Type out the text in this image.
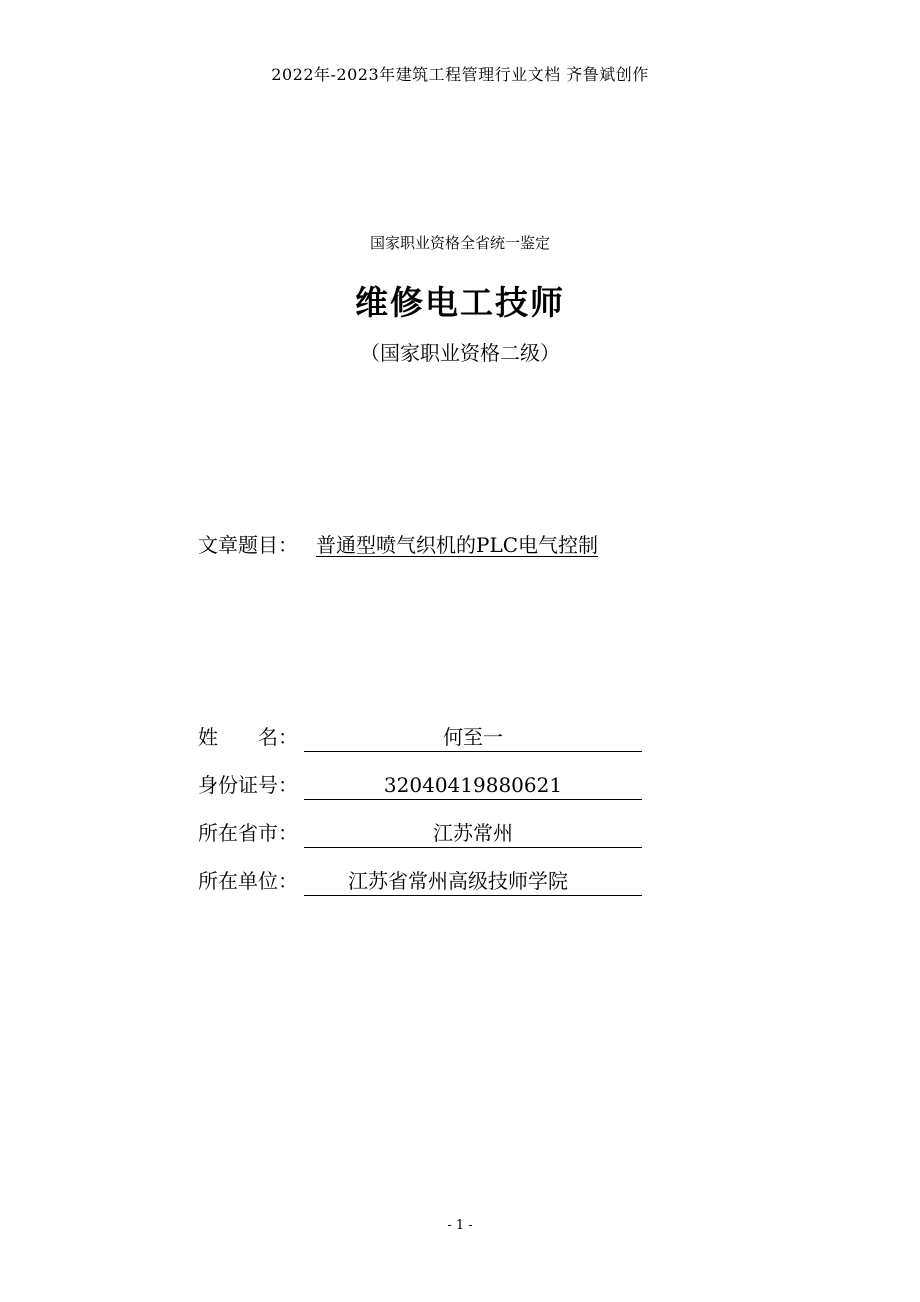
2022年-2023年建筑工程管理行业文档 齐鲁斌创作
国家职业资格全省统一鉴定
维修电工技师
（国家职业资格二级）
文章题目： 普通型喷气织机的PLC电气控制
姓　　名：	何至一
身份证号：	32040419880621
所在省市：	江苏常州
所在单位：	江苏省常州高级技师学院
- 1 -
